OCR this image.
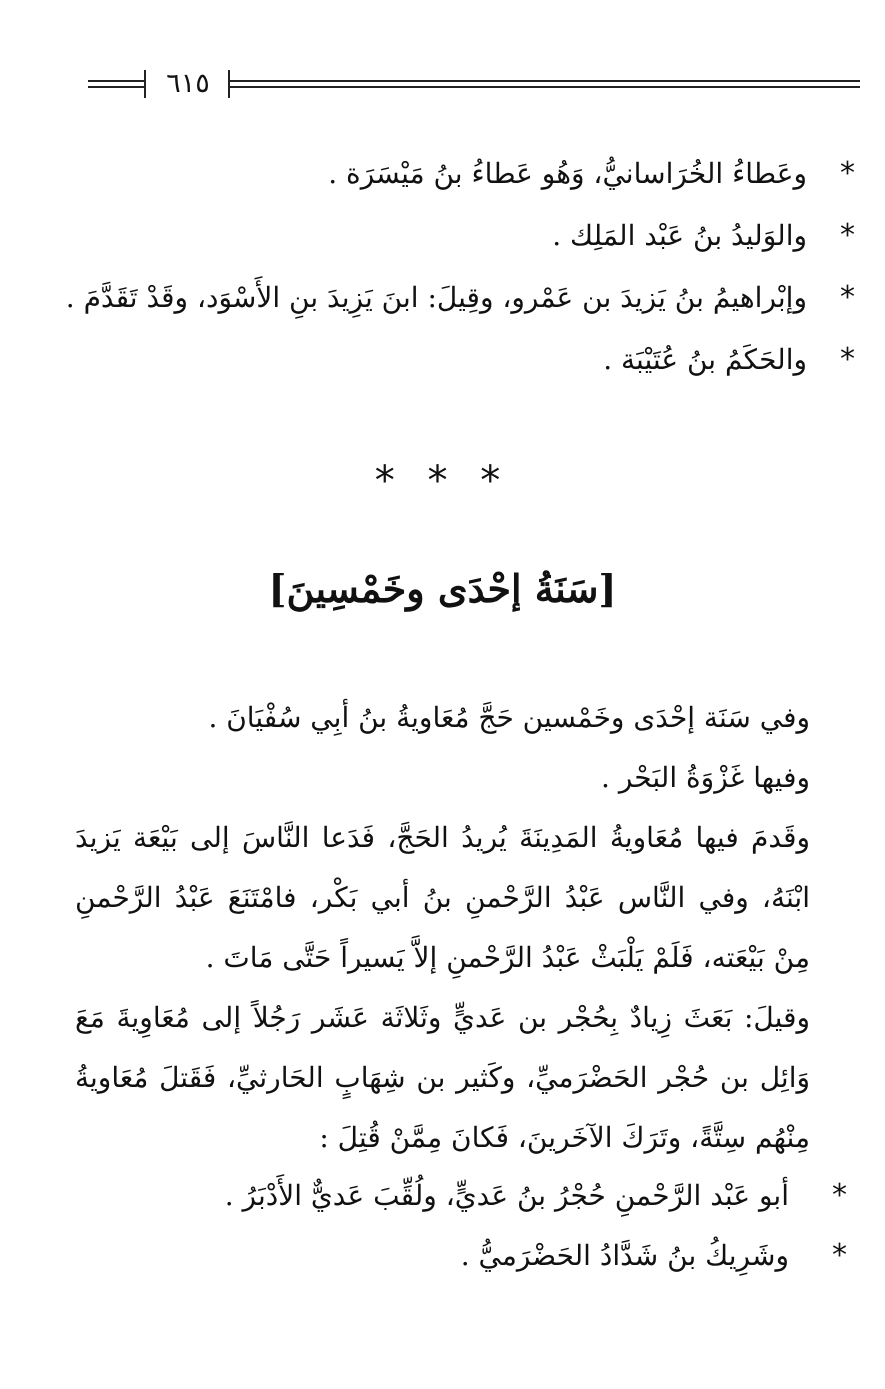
٦١٥
*
وعَطاءُ الخُرَاسانيُّ، وَهُو عَطاءُ بنُ مَيْسَرَة .
*
والوَليدُ بنُ عَبْد المَلِك .
*
وإبْراهيمُ بنُ يَزيدَ بن عَمْرو، وقِيلَ: ابنَ يَزِيدَ بنِ الأَسْوَد، وقَدْ تَقَدَّمَ .
*
والحَكَمُ بنُ عُتَيْبَة .
* * *
[سَنَةُ إحْدَى وخَمْسِينَ]

وفي سَنَة إحْدَى وخَمْسين حَجَّ مُعَاويةُ بنُ أبِي سُفْيَانَ .

وفيها غَزْوَةُ البَحْر .

وقَدمَ فيها مُعَاويةُ المَدِينَةَ يُريدُ الحَجَّ، فَدَعا النَّاسَ إلى بَيْعَة يَزيدَ ابْنَهُ، وفي النَّاس عَبْدُ الرَّحْمنِ بنُ أبي بَكْر، فامْتَنَعَ عَبْدُ الرَّحْمنِ مِنْ بَيْعَته، فَلَمْ يَلْبَثْ عَبْدُ الرَّحْمنِ إلاَّ يَسيراً حَتَّى مَاتَ .

وقيلَ: بَعَثَ زِيادٌ بِحُجْر بن عَديٍّ وثَلاثَة عَشَر رَجُلاً إلى مُعَاوِيةَ مَعَ وَائِل بن حُجْر الحَضْرَميِّ، وكَثير بن شِهَابٍ الحَارثيِّ، فَقَتلَ مُعَاويةُ مِنْهُم سِتَّةً، وتَرَكَ الآخَرينَ، فَكانَ مِمَّنْ قُتِلَ :

*
أبو عَبْد الرَّحْمنِ حُجْرُ بنُ عَديٍّ، ولُقِّبَ عَديٌّ الأَدْبَرُ .
*
وشَرِيكُ بنُ شَدَّادُ الحَضْرَميُّ .
